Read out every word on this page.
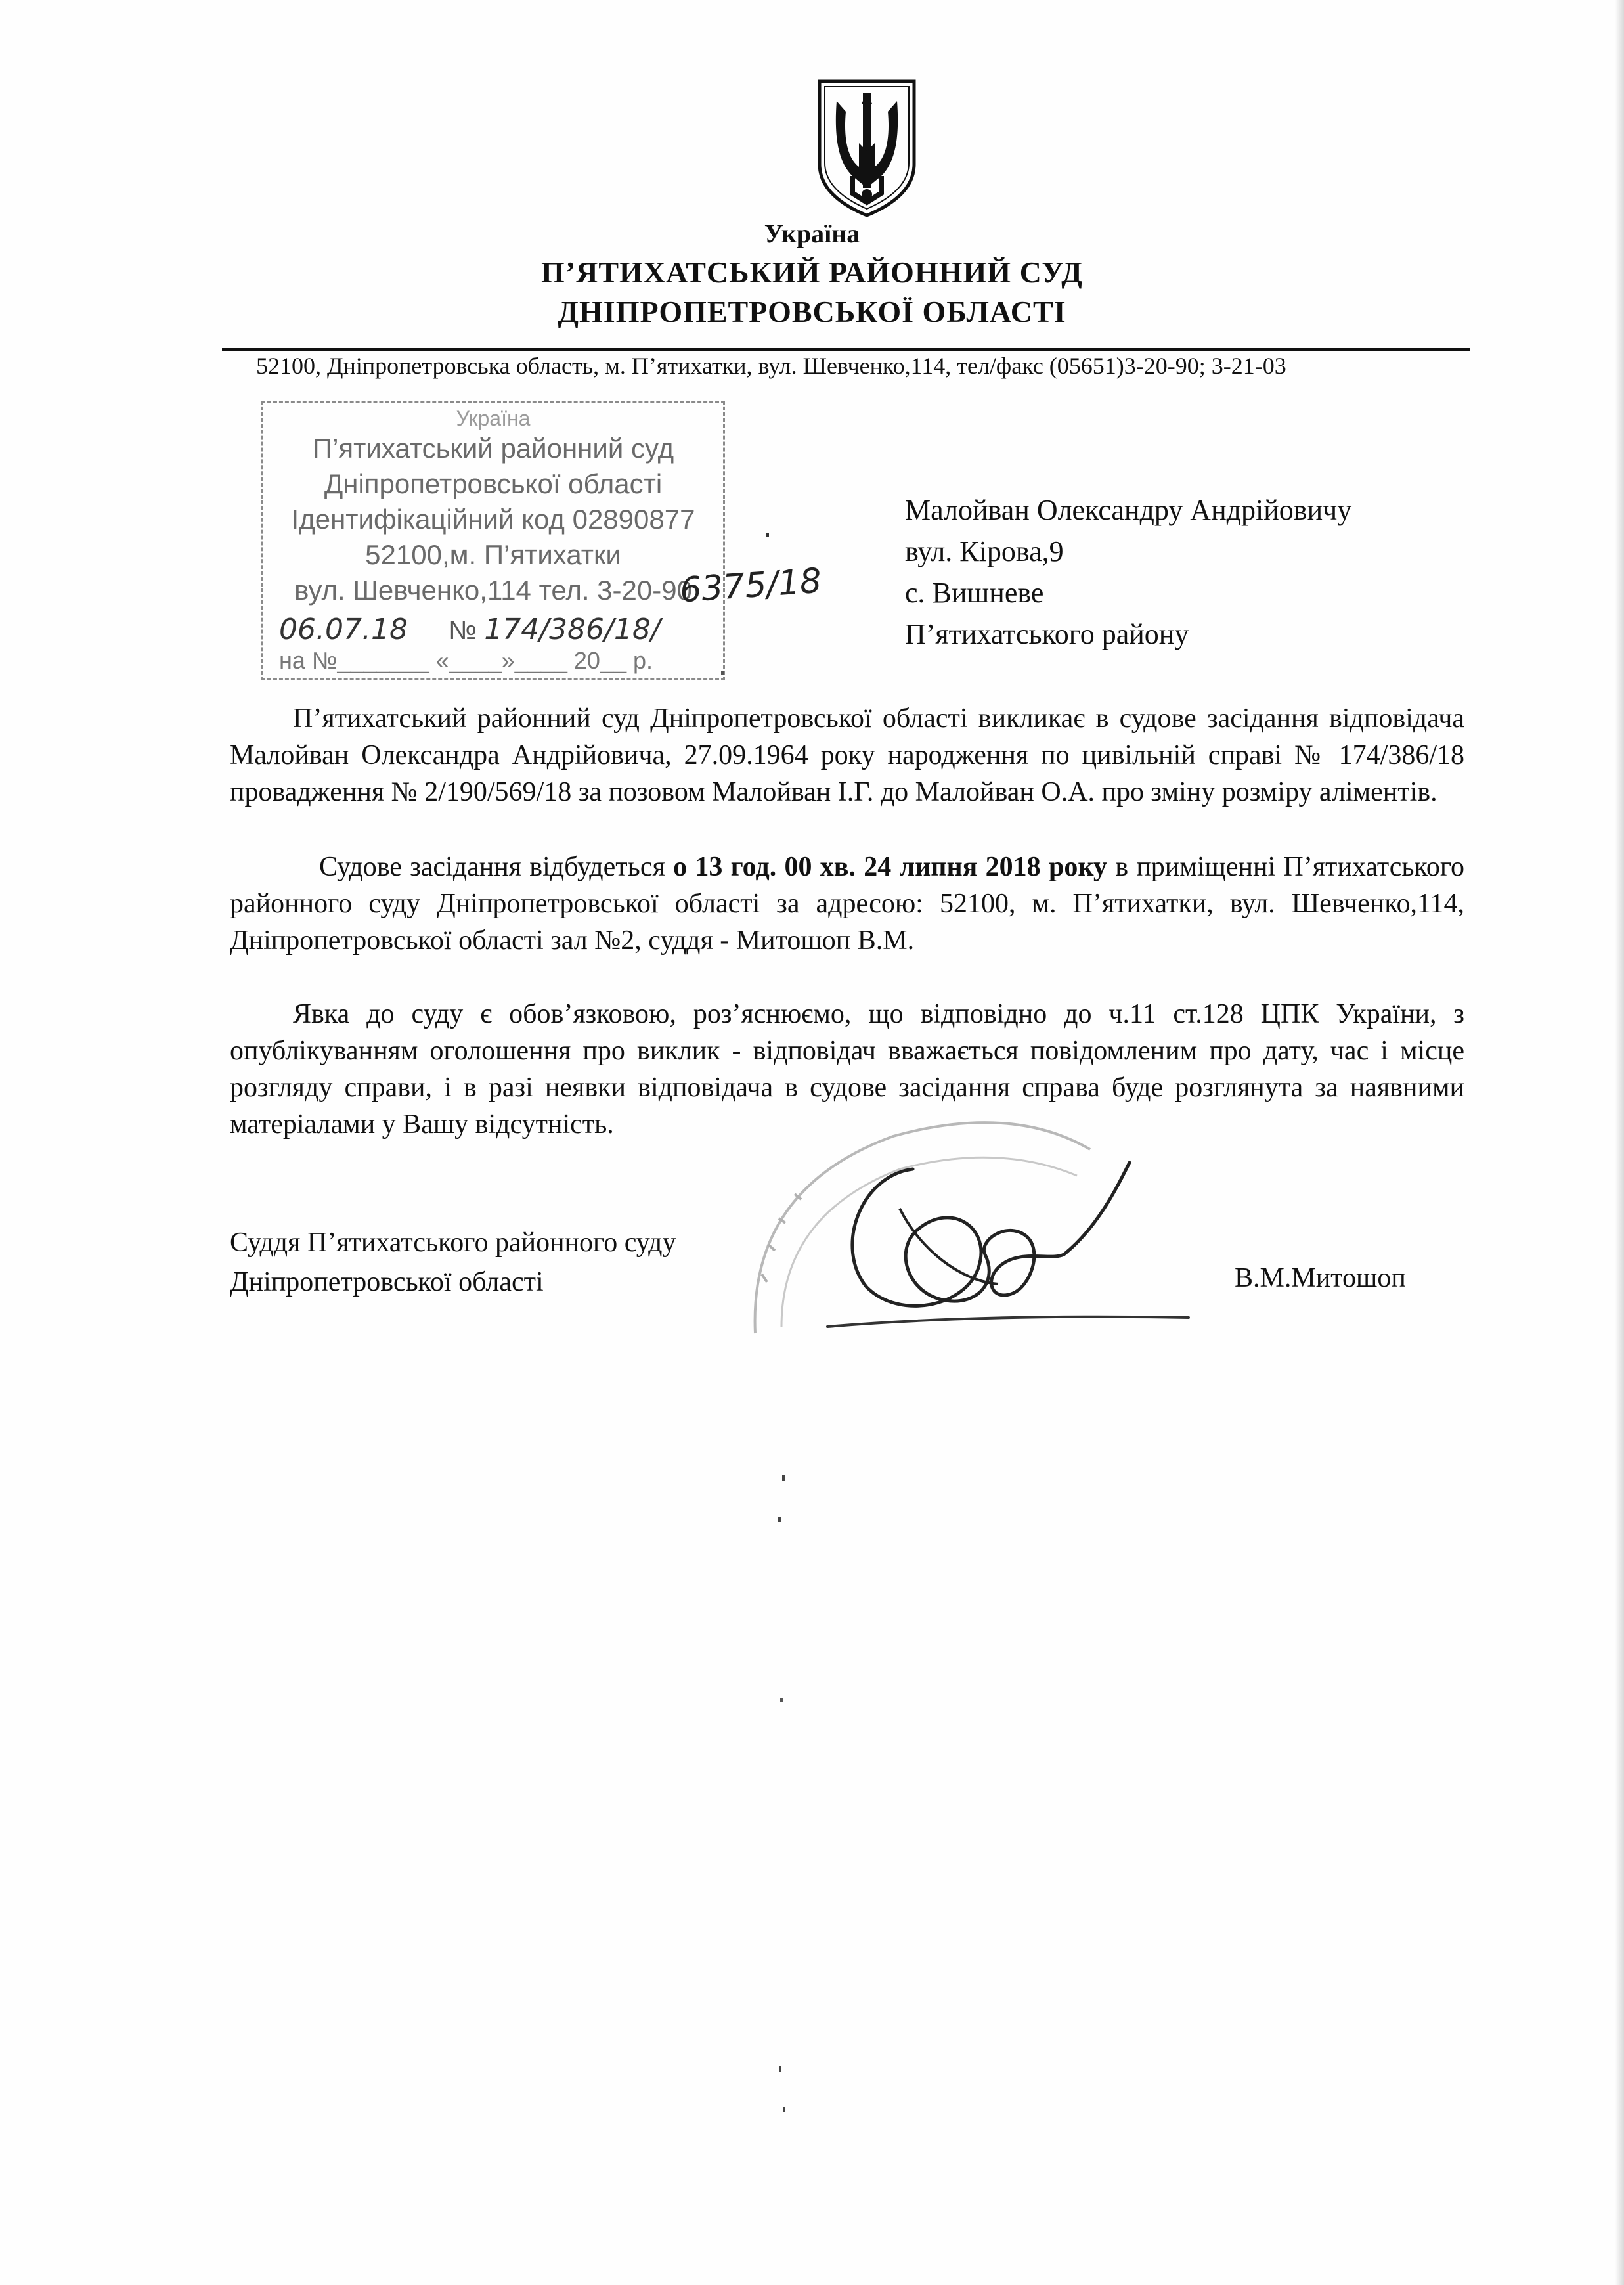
Україна
П’ЯТИХАТСЬКИЙ РАЙОННИЙ СУД
ДНІПРОПЕТРОВСЬКОЇ ОБЛАСТІ
52100, Дніпропетровська область, м. П’ятихатки, вул. Шевченко,114, тел/факс (05651)3-20-90; 3-21-03
Україна
П’ятихатський районний суд
Дніпропетровської області
Ідентифікаційний код 02890877
52100,м. П’ятихатки
вул. Шевченко,114 тел. 3-20-90
06.07.18 № 174/386/18/
на №_______ «____»____ 20__ р.
6375/18
Малойван Олександру Андрійовичу
вул. Кірова,9
с. Вишневе
П’ятихатського району
П’ятихатський районний суд Дніпропетровської області викликає в судове засідання відповідача Малойван Олександра Андрійовича, 27.09.1964 року народження по цивільній справі № 174/386/18 провадження № 2/190/569/18 за позовом Малойван І.Г. до Малойван О.А. про зміну розміру аліментів.
Судове засідання відбудеться о 13 год. 00 хв. 24 липня 2018 року в приміщенні П’ятихатського районного суду Дніпропетровської області за адресою: 52100, м. П’ятихатки, вул. Шевченко,114, Дніпропетровської області зал №2, суддя - Митошоп В.М.
Явка до суду є обов’язковою, роз’яснюємо, що відповідно до ч.11 ст.128 ЦПК України, з опублікуванням оголошення про виклик - відповідач вважається повідомленим про дату, час і місце розгляду справи, і в разі неявки відповідача в судове засідання справа буде розглянута за наявними матеріалами у Вашу відсутність.
Суддя П’ятихатського районного суду
Дніпропетровської області	В.М.Митошоп
